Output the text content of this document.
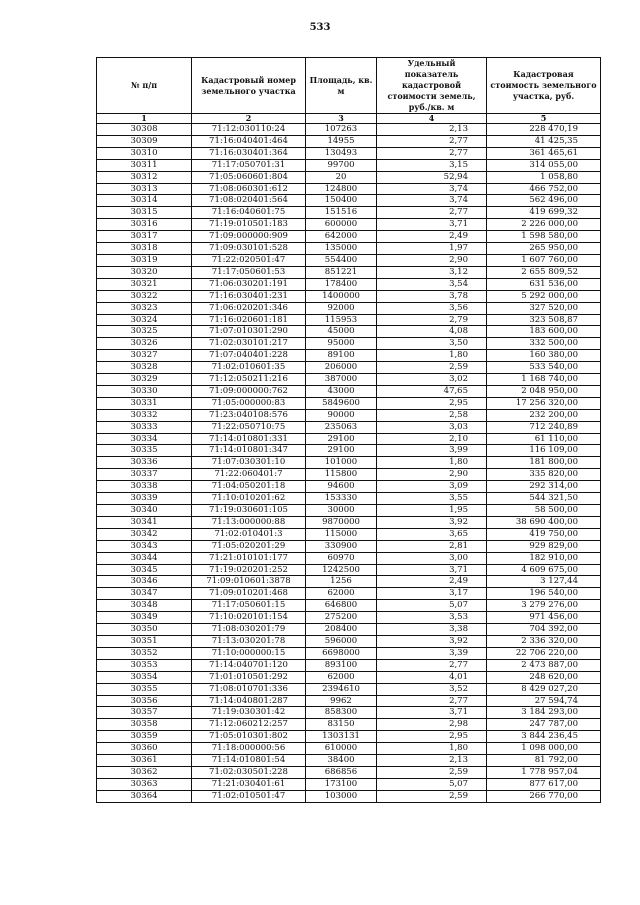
533
№ п/п	Кадастровый номер земельного участка	Площадь, кв. м	Удельный показатель кадастровой стоимости земель, руб./кв. м	Кадастровая стоимость земельного участка, руб.
1	2	3	4	5
30308	71:12:030110:24	107263	2,13	228 470,19
30309	71:16:040401:464	14955	2,77	41 425,35
30310	71:16:030401:364	130493	2,77	361 465,61
30311	71:17:050701:31	99700	3,15	314 055,00
30312	71:05:060601:804	20	52,94	1 058,80
30313	71:08:060301:612	124800	3,74	466 752,00
30314	71:08:020401:564	150400	3,74	562 496,00
30315	71:16:040601:75	151516	2,77	419 699,32
30316	71:19:010501:183	600000	3,71	2 226 000,00
30317	71:09:000000:909	642000	2,49	1 598 580,00
30318	71:09:030101:528	135000	1,97	265 950,00
30319	71:22:020501:47	554400	2,90	1 607 760,00
30320	71:17:050601:53	851221	3,12	2 655 809,52
30321	71:06:030201:191	178400	3,54	631 536,00
30322	71:16:030401:231	1400000	3,78	5 292 000,00
30323	71:06:020201:346	92000	3,56	327 520,00
30324	71:16:020601:181	115953	2,79	323 508,87
30325	71:07:010301:290	45000	4,08	183 600,00
30326	71:02:030101:217	95000	3,50	332 500,00
30327	71:07:040401:228	89100	1,80	160 380,00
30328	71:02:010601:35	206000	2,59	533 540,00
30329	71:12:050211:216	387000	3,02	1 168 740,00
30330	71:09:000000:762	43000	47,65	2 048 950,00
30331	71:05:000000:83	5849600	2,95	17 256 320,00
30332	71:23:040108:576	90000	2,58	232 200,00
30333	71:22:050710:75	235063	3,03	712 240,89
30334	71:14:010801:331	29100	2,10	61 110,00
30335	71:14:010801:347	29100	3,99	116 109,00
30336	71:07:030301:10	101000	1,80	181 800,00
30337	71:22:060401:7	115800	2,90	335 820,00
30338	71:04:050201:18	94600	3,09	292 314,00
30339	71:10:010201:62	153330	3,55	544 321,50
30340	71:19:030601:105	30000	1,95	58 500,00
30341	71:13:000000:88	9870000	3,92	38 690 400,00
30342	71:02:010401:3	115000	3,65	419 750,00
30343	71:05:020201:29	330900	2,81	929 829,00
30344	71:21:010101:177	60970	3,00	182 910,00
30345	71:19:020201:252	1242500	3,71	4 609 675,00
30346	71:09:010601:3878	1256	2,49	3 127,44
30347	71:09:010201:468	62000	3,17	196 540,00
30348	71:17:050601:15	646800	5,07	3 279 276,00
30349	71:10:020101:154	275200	3,53	971 456,00
30350	71:08:030201:79	208400	3,38	704 392,00
30351	71:13:030201:78	596000	3,92	2 336 320,00
30352	71:10:000000:15	6698000	3,39	22 706 220,00
30353	71:14:040701:120	893100	2,77	2 473 887,00
30354	71:01:010501:292	62000	4,01	248 620,00
30355	71:08:010701:336	2394610	3,52	8 429 027,20
30356	71:14:040801:287	9962	2,77	27 594,74
30357	71:19:030301:42	858300	3,71	3 184 293,00
30358	71:12:060212:257	83150	2,98	247 787,00
30359	71:05:010301:802	1303131	2,95	3 844 236,45
30360	71:18:000000:56	610000	1,80	1 098 000,00
30361	71:14:010801:54	38400	2,13	81 792,00
30362	71:02:030501:228	686856	2,59	1 778 957,04
30363	71:21:030401:61	173100	5,07	877 617,00
30364	71:02:010501:47	103000	2,59	266 770,00
